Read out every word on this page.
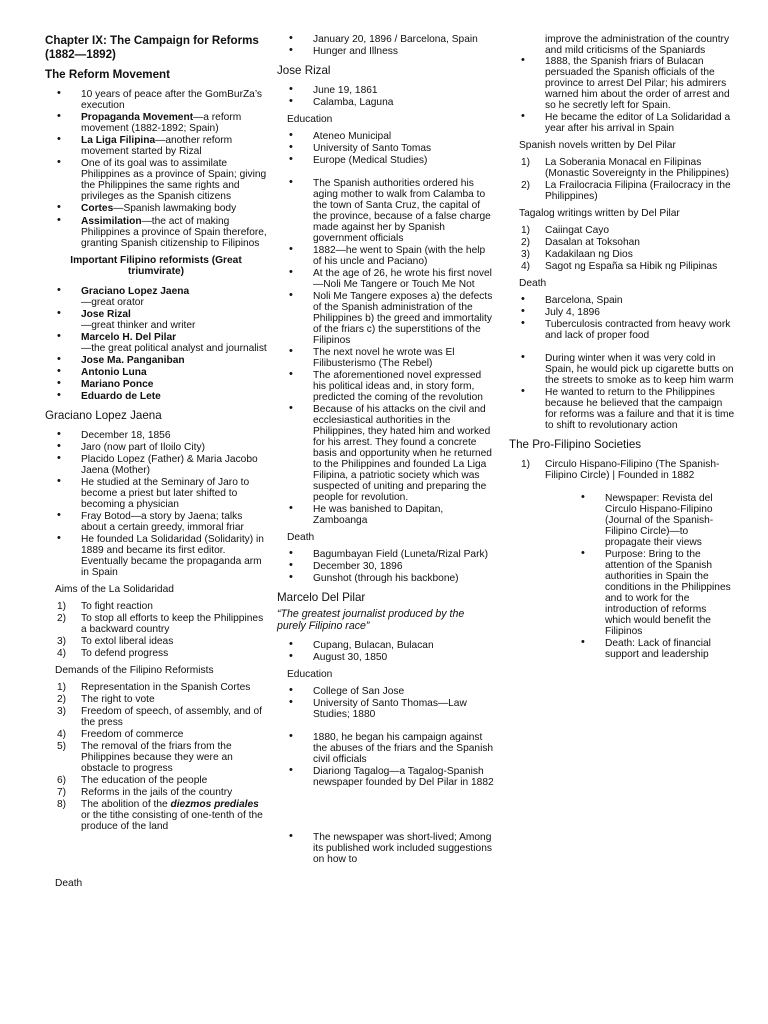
Chapter IX: The Campaign for Reforms (1882—1892)
The Reform Movement
• 10 years of peace after the GomBurZa’s execution
• Propaganda Movement—a reform movement (1882-1892; Spain)
• La Liga Filipina—another reform movement started by Rizal
• One of its goal was to assimilate Philippines as a province of Spain; giving the Philippines the same rights and privileges as the Spanish citizens
• Cortes—Spanish lawmaking body
• Assimilation—the act of making Philippines a province of Spain therefore, granting Spanish citizenship to Filipinos
Important Filipino reformists (Great triumvirate)
• Graciano Lopez Jaena
—great orator
• Jose Rizal
—great thinker and writer
• Marcelo H. Del Pilar
—the great political analyst and journalist
• Jose Ma. Panganiban
• Antonio Luna
• Mariano Ponce
• Eduardo de Lete
Graciano Lopez Jaena
• December 18, 1856
• Jaro (now part of Iloilo City)
• Placido Lopez (Father) & Maria Jacobo Jaena (Mother)
• He studied at the Seminary of Jaro to become a priest but later shifted to becoming a physician
• Fray Botod—a story by Jaena; talks about a certain greedy, immoral friar
• He founded La Solidaridad (Solidarity) in 1889 and became its first editor. Eventually became the propaganda arm in Spain
Aims of the La Solidaridad
1) To fight reaction
2) To stop all efforts to keep the Philippines a backward country
3) To extol liberal ideas
4) To defend progress
Demands of the Filipino Reformists
1) Representation in the Spanish Cortes
2) The right to vote
3) Freedom of speech, of assembly, and of the press
4) Freedom of commerce
5) The removal of the friars from the Philippines because they were an obstacle to progress
6) The education of the people
7) Reforms in the jails of the country
8) The abolition of the diezmos prediales or the tithe consisting of one-tenth of the produce of the land
Death
• January 20, 1896 / Barcelona, Spain
• Hunger and Illness
Jose Rizal
• June 19, 1861
• Calamba, Laguna
Education
• Ateneo Municipal
• University of Santo Tomas
• Europe (Medical Studies)
• The Spanish authorities ordered his aging mother to walk from Calamba to the town of Santa Cruz, the capital of the province, because of a false charge made against her by Spanish government officials
• 1882—he went to Spain (with the help of his uncle and Paciano)
• At the age of 26, he wrote his first novel—Noli Me Tangere or Touch Me Not
• Noli Me Tangere exposes a) the defects of the Spanish administration of the Philippines b) the greed and immortality of the friars c) the superstitions of the Filipinos
• The next novel he wrote was El Filibusterismo (The Rebel)
• The aforementioned novel expressed his political ideas and, in story form, predicted the coming of the revolution
• Because of his attacks on the civil and ecclesiastical authorities in the Philippines, they hated him and worked for his arrest. They found a concrete basis and opportunity when he returned to the Philippines and founded La Liga Filipina, a patriotic society which was suspected of uniting and preparing the people for revolution.
• He was banished to Dapitan, Zamboanga
Death
• Bagumbayan Field (Luneta/Rizal Park)
• December 30, 1896
• Gunshot (through his backbone)
Marcelo Del Pilar
“The greatest journalist produced by the purely Filipino race”
• Cupang, Bulacan, Bulacan
• August 30, 1850
Education
• College of San Jose
• University of Santo Thomas—Law Studies; 1880
• 1880, he began his campaign against the abuses of the friars and the Spanish civil officials
• Diariong Tagalog—a Tagalog-Spanish newspaper founded by Del Pilar in 1882
• The newspaper was short-lived; Among its published work included suggestions on how to
improve the administration of the country and mild criticisms of the Spaniards
• 1888, the Spanish friars of Bulacan persuaded the Spanish officials of the province to arrest Del Pilar; his admirers warned him about the order of arrest and so he secretly left for Spain.
• He became the editor of La Solidaridad a year after his arrival in Spain
Spanish novels written by Del Pilar
1) La Soberania Monacal en Filipinas (Monastic Sovereignty in the Philippines)
2) La Frailocracia Filipina (Frailocracy in the Philippines)
Tagalog writings written by Del Pilar
1) Caiingat Cayo
2) Dasalan at Toksohan
3) Kadakilaan ng Dios
4) Sagot ng España sa Hibik ng Pilipinas
Death
• Barcelona, Spain
• July 4, 1896
• Tuberculosis contracted from heavy work and lack of proper food
• During winter when it was very cold in Spain, he would pick up cigarette butts on the streets to smoke as to keep him warm
• He wanted to return to the Philippines because he believed that the campaign for reforms was a failure and that it is time to shift to revolutionary action
The Pro-Filipino Societies
1) Circulo Hispano-Filipino (The Spanish-Filipino Circle) | Founded in 1882
• Newspaper: Revista del Circulo Hispano-Filipino (Journal of the Spanish-Filipino Circle)—to propagate their views
• Purpose: Bring to the attention of the Spanish authorities in Spain the conditions in the Philippines and to work for the introduction of reforms which would benefit the Filipinos
• Death: Lack of financial support and leadership
